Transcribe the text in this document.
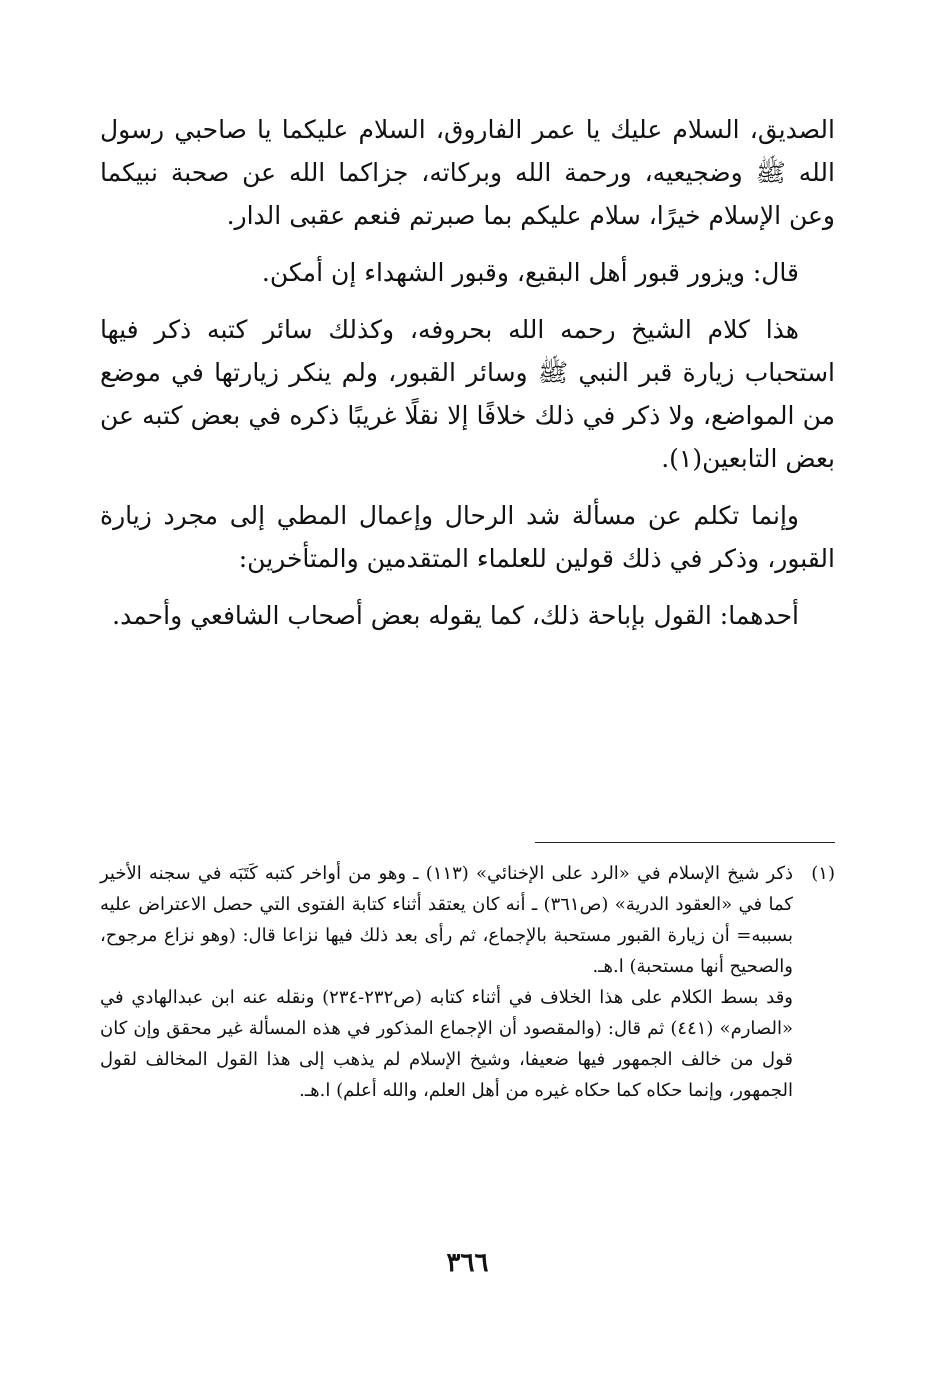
الصديق، السلام عليك يا عمر الفاروق، السلام عليكما يا صاحبي رسول الله ﷺ وضجيعيه، ورحمة الله وبركاته، جزاكما الله عن صحبة نبيكما وعن الإسلام خيرًا، سلام عليكم بما صبرتم فنعم عقبى الدار.

قال: ويزور قبور أهل البقيع، وقبور الشهداء إن أمكن.

هذا كلام الشيخ رحمه الله بحروفه، وكذلك سائر كتبه ذكر فيها استحباب زيارة قبر النبي ﷺ وسائر القبور، ولم ينكر زيارتها في موضع من المواضع، ولا ذكر في ذلك خلافًا إلا نقلًا غريبًا ذكره في بعض كتبه عن بعض التابعين(١).

وإنما تكلم عن مسألة شد الرحال وإعمال المطي إلى مجرد زيارة القبور، وذكر في ذلك قولين للعلماء المتقدمين والمتأخرين:

أحدهما: القول بإباحة ذلك، كما يقوله بعض أصحاب الشافعي وأحمد.

(١)

ذكر شيخ الإسلام في «الرد على الإخنائي» (١١٣) ـ وهو من أواخر كتبه كَتَبَه في سجنه الأخير كما في «العقود الدرية» (ص٣٦١) ـ أنه كان يعتقد أثناء كتابة الفتوى التي حصل الاعتراض عليه بسببه= أن زيارة القبور مستحبة بالإجماع، ثم رأى بعد ذلك فيها نزاعا قال: (وهو نزاع مرجوح، والصحيح أنها مستحبة) ا.هـ.

وقد بسط الكلام على هذا الخلاف في أثناء كتابه (ص٢٣٢-٢٣٤) ونقله عنه ابن عبدالهادي في «الصارم» (٤٤١) ثم قال: (والمقصود أن الإجماع المذكور في هذه المسألة غير محقق وإن كان قول من خالف الجمهور فيها ضعيفا، وشيخ الإسلام لم يذهب إلى هذا القول المخالف لقول الجمهور، وإنما حكاه كما حكاه غيره من أهل العلم، والله أعلم) ا.هـ.

٣٦٦
